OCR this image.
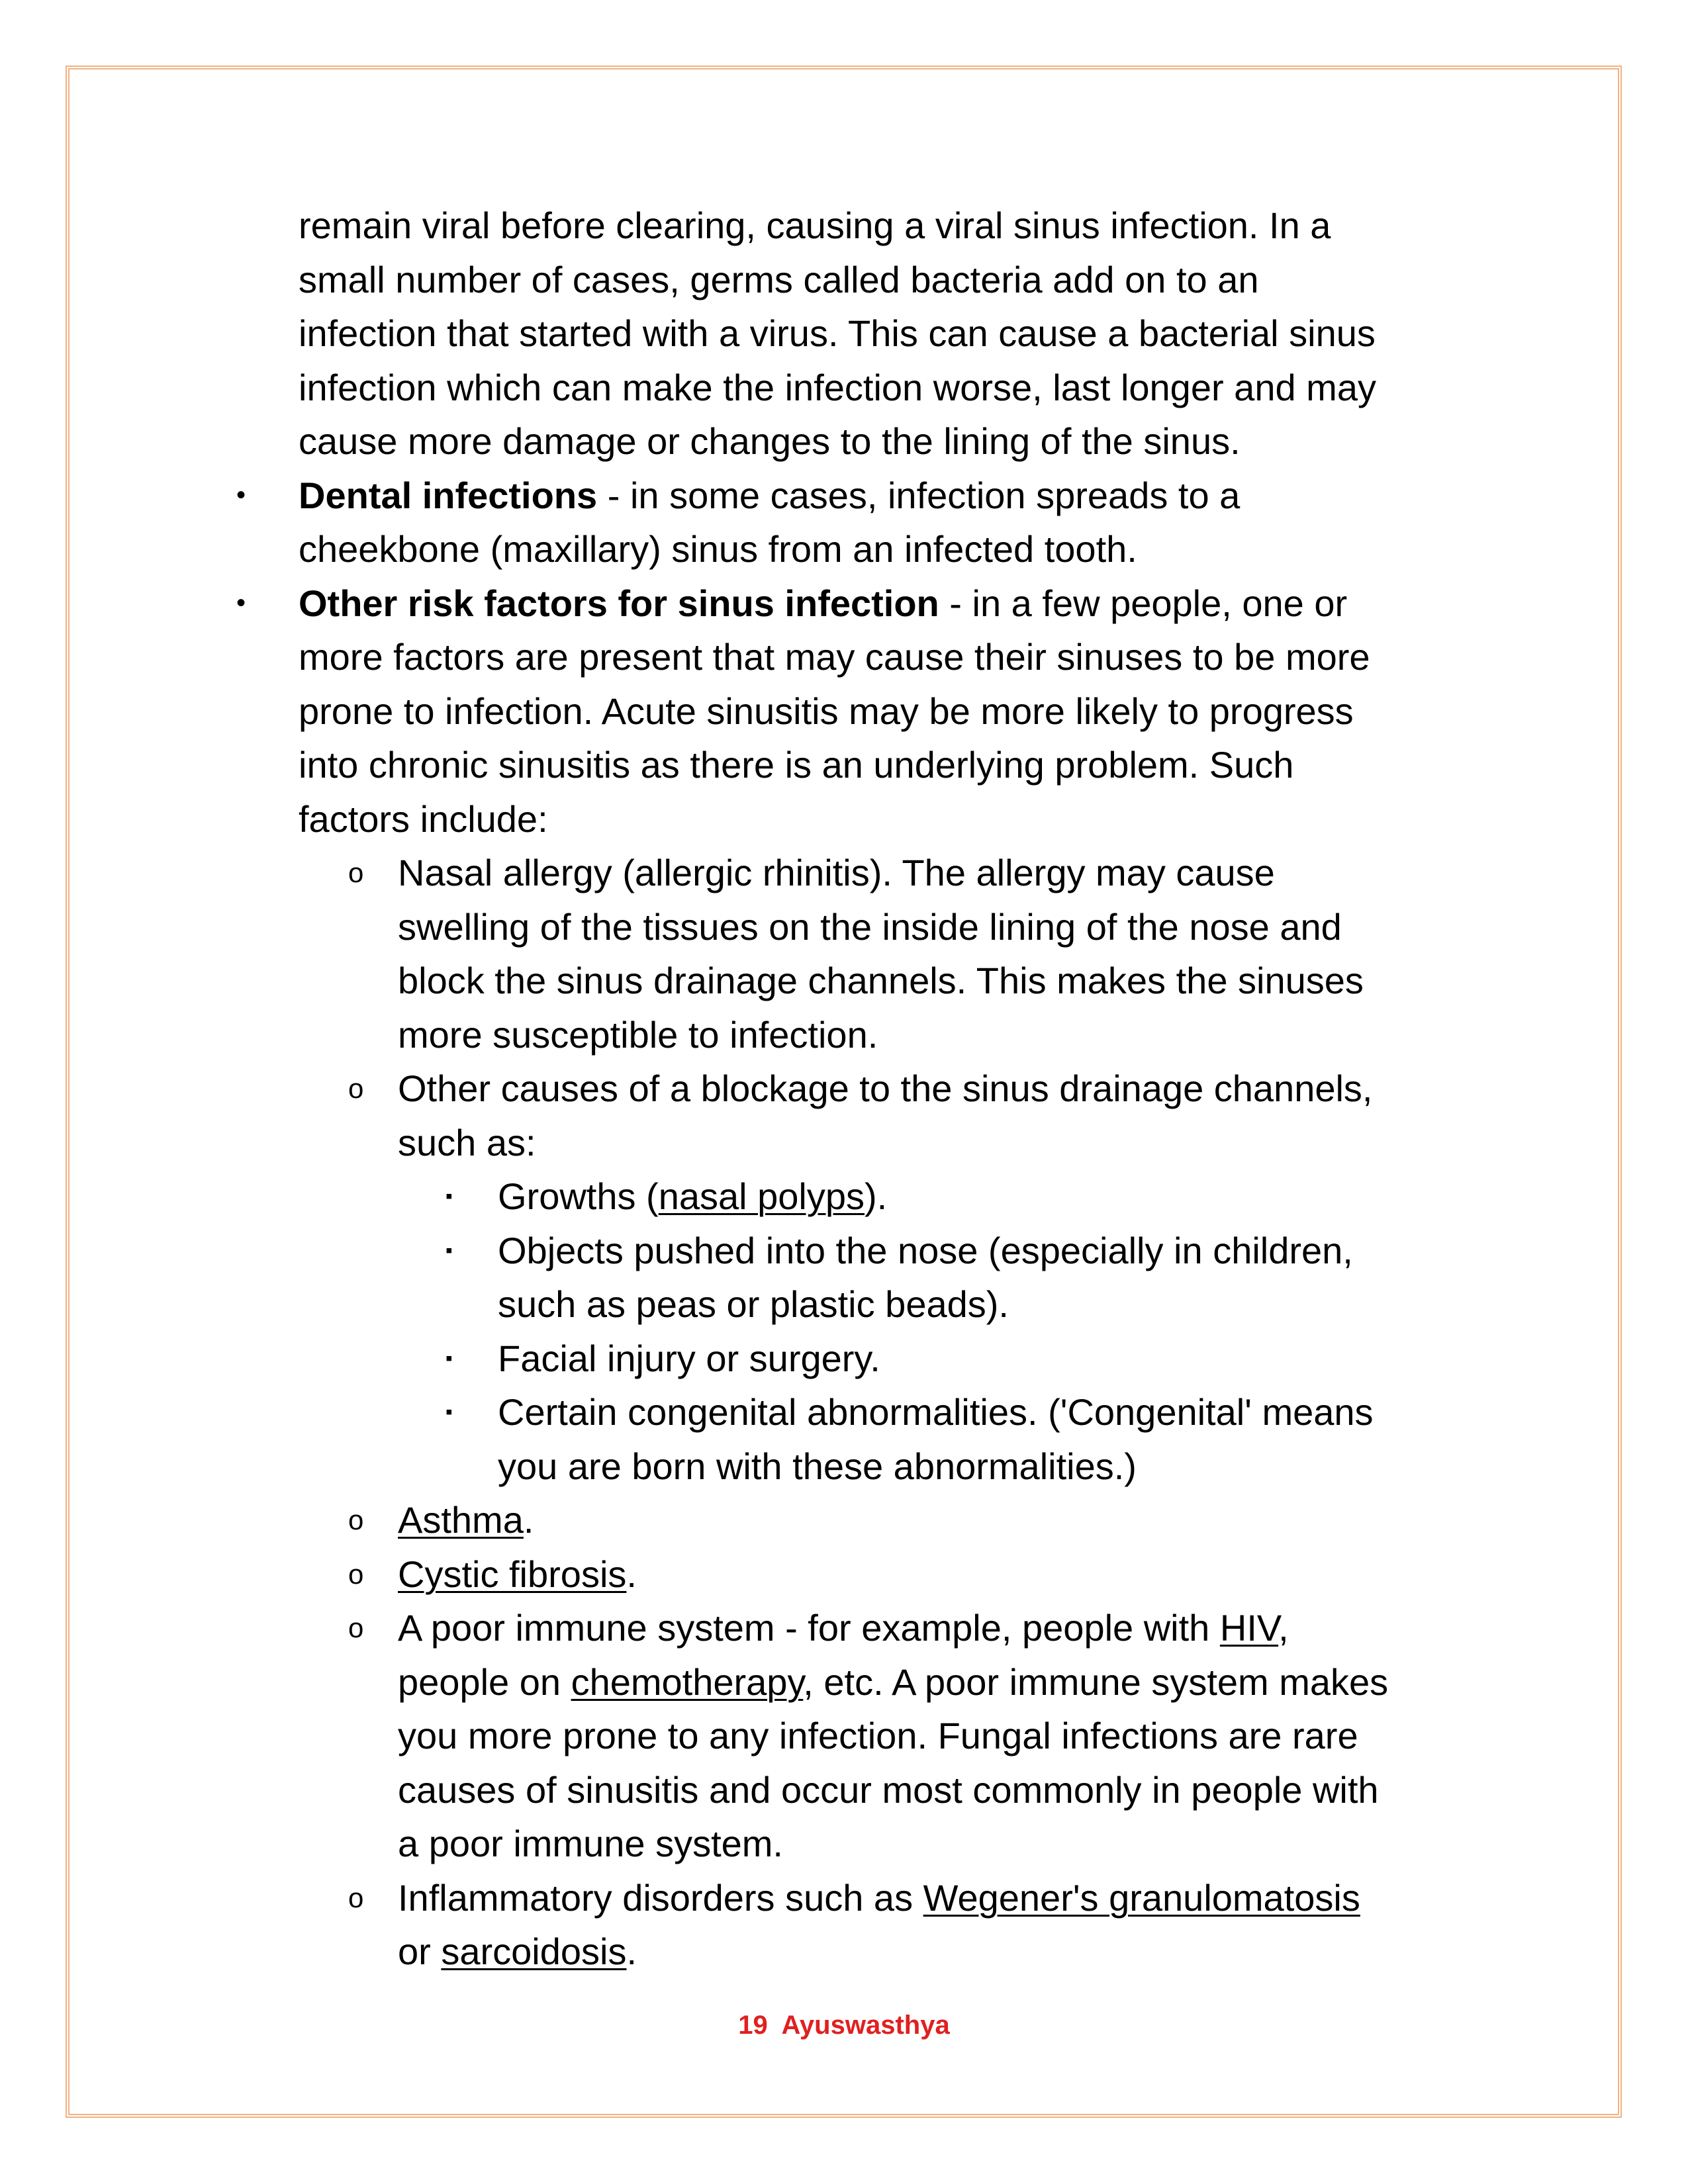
remain viral before clearing, causing a viral sinus infection. In a
small number of cases, germs called bacteria add on to an
infection that started with a virus. This can cause a bacterial sinus
infection which can make the infection worse, last longer and may
cause more damage or changes to the lining of the sinus.
• Dental infections - in some cases, infection spreads to a
cheekbone (maxillary) sinus from an infected tooth.
• Other risk factors for sinus infection - in a few people, one or
more factors are present that may cause their sinuses to be more
prone to infection. Acute sinusitis may be more likely to progress
into chronic sinusitis as there is an underlying problem. Such
factors include:
o Nasal allergy (allergic rhinitis). The allergy may cause
swelling of the tissues on the inside lining of the nose and
block the sinus drainage channels. This makes the sinuses
more susceptible to infection.
o Other causes of a blockage to the sinus drainage channels,
such as:
▪ Growths (nasal polyps).
▪ Objects pushed into the nose (especially in children,
such as peas or plastic beads).
▪ Facial injury or surgery.
▪ Certain congenital abnormalities. ('Congenital' means
you are born with these abnormalities.)
o Asthma.
o Cystic fibrosis.
o A poor immune system - for example, people with HIV,
people on chemotherapy, etc. A poor immune system makes
you more prone to any infection. Fungal infections are rare
causes of sinusitis and occur most commonly in people with
a poor immune system.
o Inflammatory disorders such as Wegener's granulomatosis
or sarcoidosis.
19 Ayuswasthya
